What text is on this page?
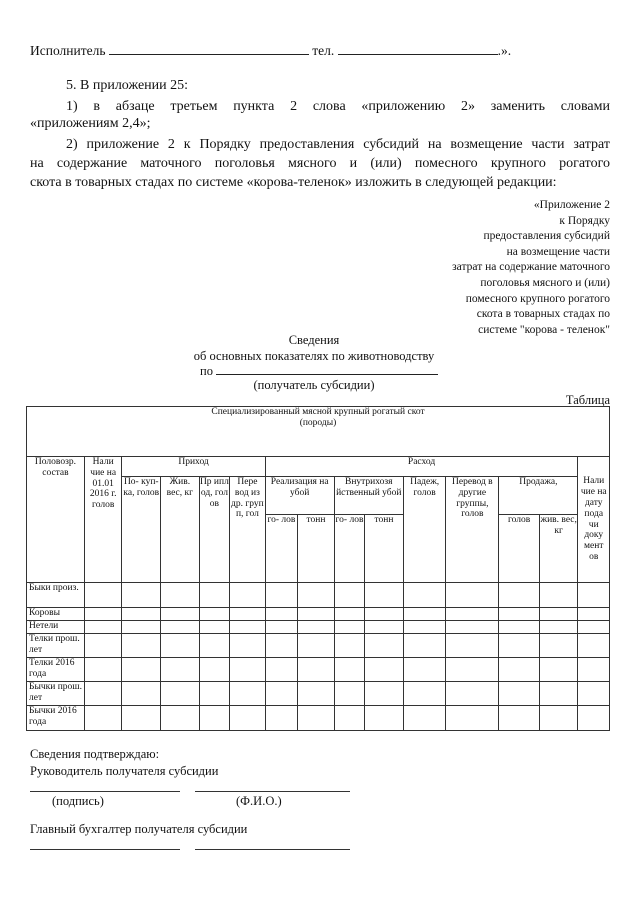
Исполнитель	тел.	.».
5. В приложении 25:
1) в абзаце третьем пункта 2 слова «приложению 2» заменить словами
«приложениям 2,4»;
2) приложение 2 к Порядку предоставления субсидий на возмещение части затрат
на содержание маточного поголовья мясного и (или) помесного крупного рогатого
скота в товарных стадах по системе «корова-теленок» изложить в следующей редакции:
«Приложение 2
к Порядку
предоставления субсидий
на возмещение части
затрат на содержание маточного
поголовья мясного и (или)
помесного крупного рогатого
скота в товарных стадах по
системе "корова - теленок"
Сведения
об основных показателях по животноводству
по
(получатель субсидии)
Таблица
Специализированный мясной крупный рогатый скот
(породы)														

Половозр. состав	Нали чие на 01.01 2016 г. голов	Приход				Расход								Нали чие на дату пода чи доку мент ов
		По- куп- ка, голов	Жив. вес, кг	Пр ипл од, гол ов	Пере вод из др. груп п, гол	Реализация на убой		Внутрихозя йственный убой		Падеж, голов	Перевод в другие группы, голов	Продажа,		
						го- лов	тонн	го- лов	тонн			голов	жив. вес, кг	

Быки произ.														
Коровы														
Нетели														
Телки прош. лет														
Телки 2016 года														
Бычки прош. лет														
Бычки 2016 года														
Сведения подтверждаю:
Руководитель получателя субсидии
(подпись)	(Ф.И.О.)
Главный бухгалтер получателя субсидии
